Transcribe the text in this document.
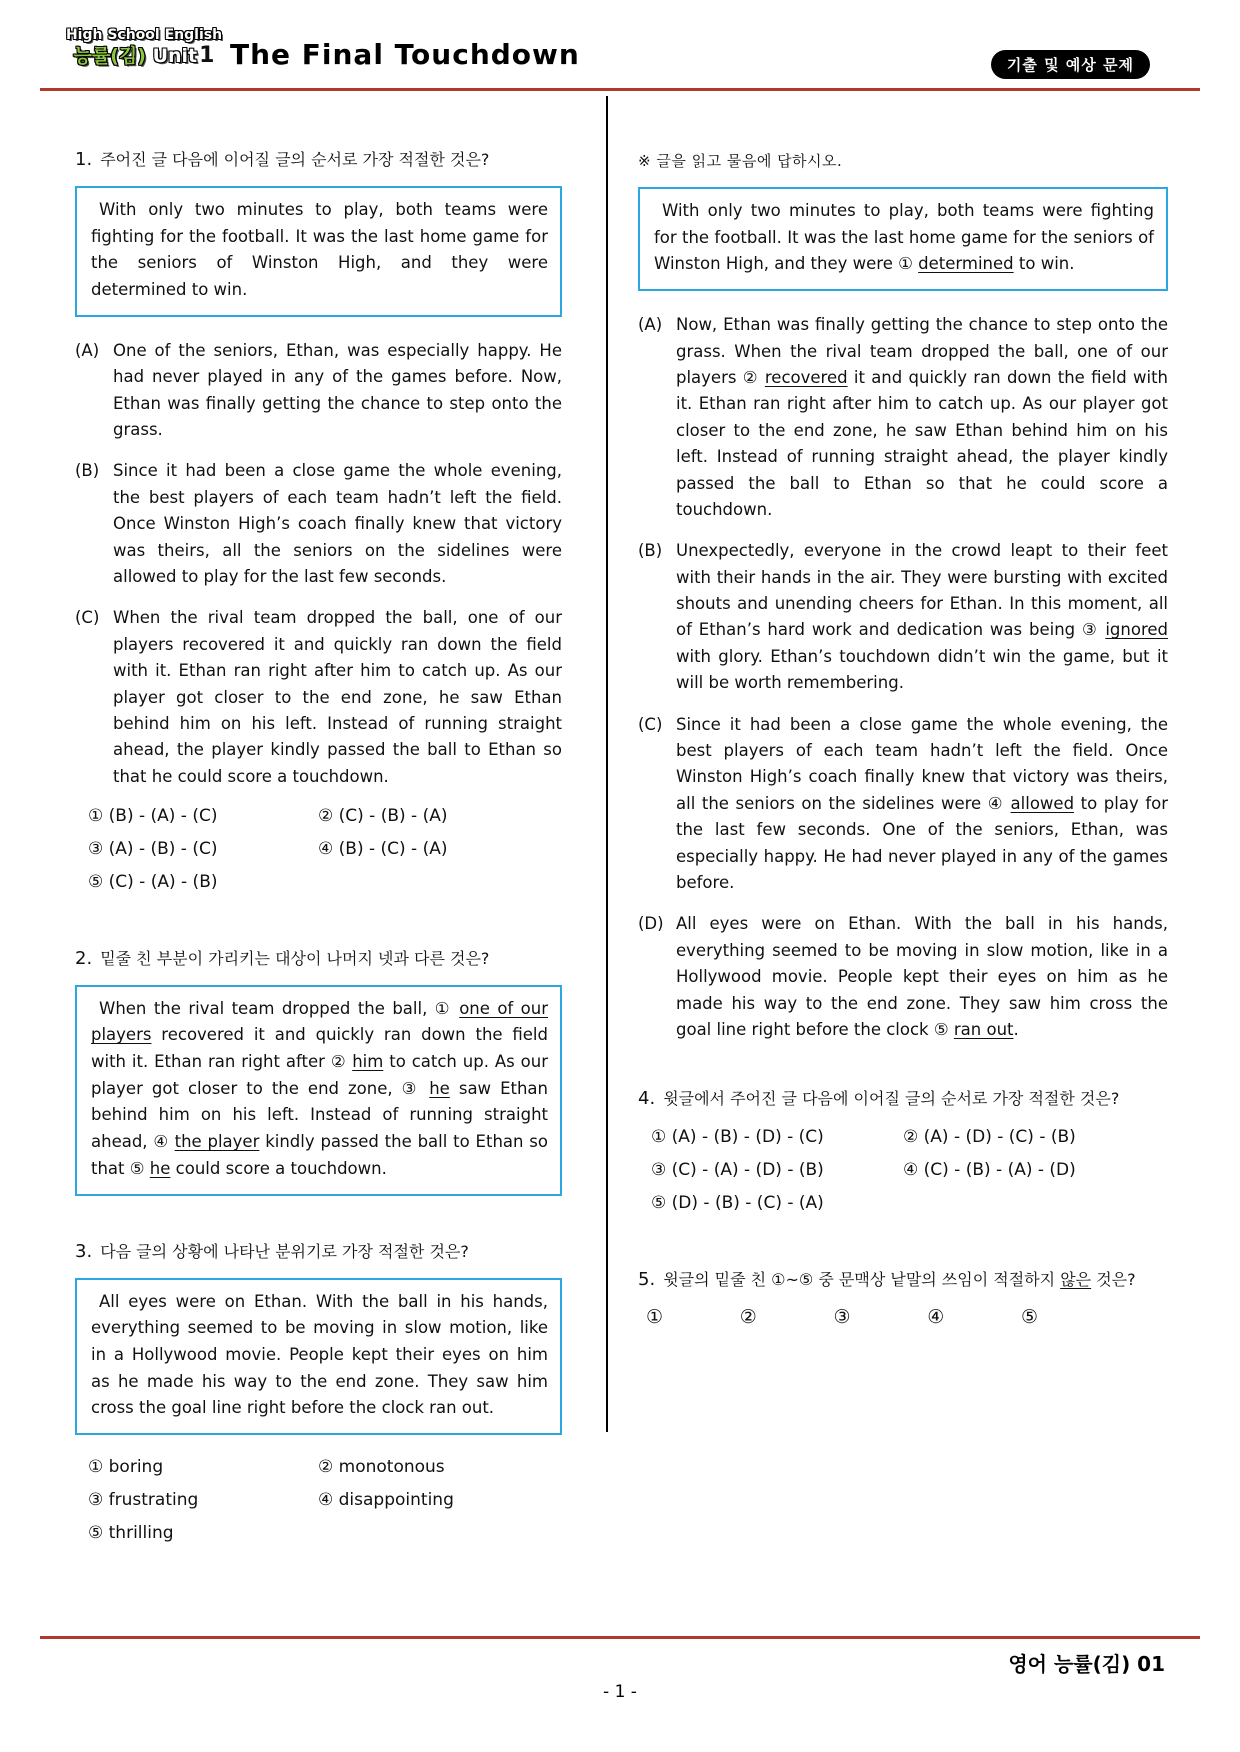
High School English
능률(김) Unit1 The Final Touchdown	기출 및 예상 문제
1. 주어진 글 다음에 이어질 글의 순서로 가장 적절한 것은?
With only two minutes to play, both teams were fighting for the football. It was the last home game for the seniors of Winston High, and they were determined to win.
(A) One of the seniors, Ethan, was especially happy. He had never played in any of the games before. Now, Ethan was finally getting the chance to step onto the grass.
(B) Since it had been a close game the whole evening, the best players of each team hadn’t left the field. Once Winston High’s coach finally knew that victory was theirs, all the seniors on the sidelines were allowed to play for the last few seconds.
(C) When the rival team dropped the ball, one of our players recovered it and quickly ran down the field with it. Ethan ran right after him to catch up. As our player got closer to the end zone, he saw Ethan behind him on his left. Instead of running straight ahead, the player kindly passed the ball to Ethan so that he could score a touchdown.
① (B) - (A) - (C)	② (C) - (B) - (A)
③ (A) - (B) - (C)	④ (B) - (C) - (A)
⑤ (C) - (A) - (B)
2. 밑줄 친 부분이 가리키는 대상이 나머지 넷과 다른 것은?
When the rival team dropped the ball, ① one of our players recovered it and quickly ran down the field with it. Ethan ran right after ② him to catch up. As our player got closer to the end zone, ③ he saw Ethan behind him on his left. Instead of running straight ahead, ④ the player kindly passed the ball to Ethan so that ⑤ he could score a touchdown.
3. 다음 글의 상황에 나타난 분위기로 가장 적절한 것은?
All eyes were on Ethan. With the ball in his hands, everything seemed to be moving in slow motion, like in a Hollywood movie. People kept their eyes on him as he made his way to the end zone. They saw him cross the goal line right before the clock ran out.
① boring	② monotonous
③ frustrating	④ disappointing
⑤ thrilling
※ 글을 읽고 물음에 답하시오.
With only two minutes to play, both teams were fighting for the football. It was the last home game for the seniors of Winston High, and they were ① determined to win.
(A) Now, Ethan was finally getting the chance to step onto the grass. When the rival team dropped the ball, one of our players ② recovered it and quickly ran down the field with it. Ethan ran right after him to catch up. As our player got closer to the end zone, he saw Ethan behind him on his left. Instead of running straight ahead, the player kindly passed the ball to Ethan so that he could score a touchdown.
(B) Unexpectedly, everyone in the crowd leapt to their feet with their hands in the air. They were bursting with excited shouts and unending cheers for Ethan. In this moment, all of Ethan’s hard work and dedication was being ③ ignored with glory. Ethan’s touchdown didn’t win the game, but it will be worth remembering.
(C) Since it had been a close game the whole evening, the best players of each team hadn’t left the field. Once Winston High’s coach finally knew that victory was theirs, all the seniors on the sidelines were ④ allowed to play for the last few seconds. One of the seniors, Ethan, was especially happy. He had never played in any of the games before.
(D) All eyes were on Ethan. With the ball in his hands, everything seemed to be moving in slow motion, like in a Hollywood movie. People kept their eyes on him as he made his way to the end zone. They saw him cross the goal line right before the clock ⑤ ran out.
4. 윗글에서 주어진 글 다음에 이어질 글의 순서로 가장 적절한 것은?
① (A) - (B) - (D) - (C)	② (A) - (D) - (C) - (B)
③ (C) - (A) - (D) - (B)	④ (C) - (B) - (A) - (D)
⑤ (D) - (B) - (C) - (A)
5. 윗글의 밑줄 친 ①~⑤ 중 문맥상 낱말의 쓰임이 적절하지 않은 것은?
①	②	③	④	⑤
영어 능률(김) 01
- 1 -
